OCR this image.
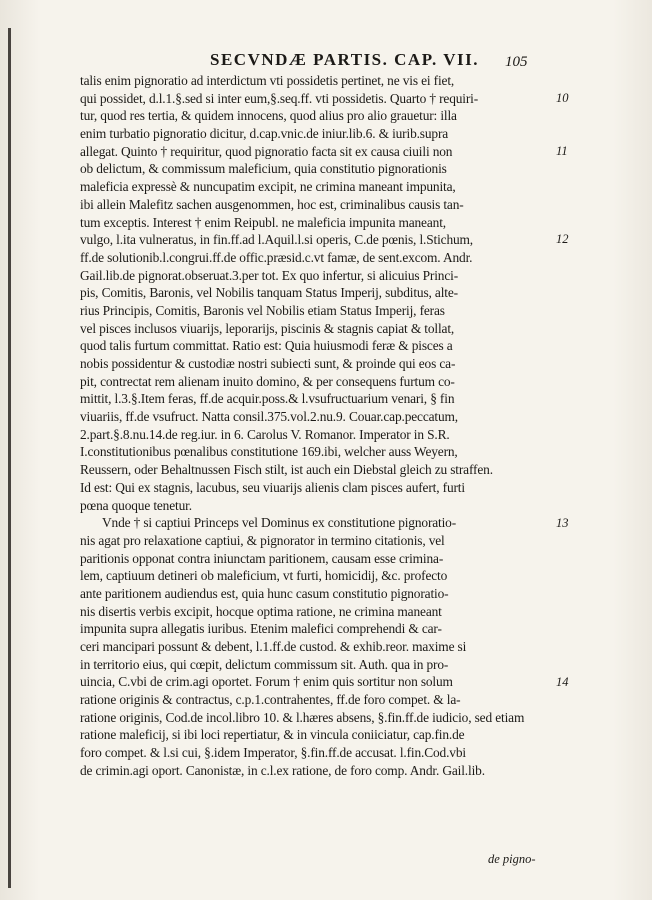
SECVNDÆ PARTIS. CAP. VII. 105
talis enim pignoratio ad interdictum vti possidetis pertinet, ne vis ei fiet,
qui possidet, d.l.1.§.sed si inter eum,§.seq.ff. vti possidetis. Quarto † requiri-
tur, quod res tertia, & quidem innocens, quod alius pro alio grauetur: illa
enim turbatio pignoratio dicitur, d.cap.vnic.de iniur.lib.6. & iurib.supra
allegat. Quinto † requiritur, quod pignoratio facta sit ex causa ciuili non
ob delictum, & commissum maleficium, quia constitutio pignorationis
maleficia expressè & nuncupatim excipit, ne crimina maneant impunita,
ibi allein Malefitz sachen ausgenommen, hoc est, criminalibus causis tan-
tum exceptis. Interest † enim Reipubl. ne maleficia impunita maneant,
vulgo, l.ita vulneratus, in fin.ff.ad l.Aquil.l.si operis, C.de pœnis, l.Stichum,
ff.de solutionib.l.congrui.ff.de offic.præsid.c.vt famæ, de sent.excom. Andr.
Gail.lib.de pignorat.obseruat.3.per tot. Ex quo infertur, si alicuius Princi-
pis, Comitis, Baronis, vel Nobilis tanquam Status Imperij, subditus, alte-
rius Principis, Comitis, Baronis vel Nobilis etiam Status Imperij, feras
vel pisces inclusos viuarijs, leporarijs, piscinis & stagnis capiat & tollat,
quod talis furtum committat. Ratio est: Quia huiusmodi feræ & pisces a
nobis possidentur & custodiæ nostri subiecti sunt, & proinde qui eos ca-
pit, contrectat rem alienam inuito domino, & per consequens furtum co-
mittit, l.3.§.Item feras, ff.de acquir.poss.& l.vsufructuarium venari, § fin
viuariis, ff.de vsufruct. Natta consil.375.vol.2.nu.9. Couar.cap.peccatum,
2.part.§.8.nu.14.de reg.iur. in 6. Carolus V. Romanor. Imperator in S.R.
I.constitutionibus pœnalibus constitutione 169.ibi, welcher auss Weyern,
Reussern, oder Behaltnussen Fisch stilt, ist auch ein Diebstal gleich zu straffen.
Id est: Qui ex stagnis, lacubus, seu viuarijs alienis clam pisces aufert, furti
pœna quoque tenetur.
Vnde † si captiui Princeps vel Dominus ex constitutione pignoratio-
nis agat pro relaxatione captiui, & pignorator in termino citationis, vel
paritionis opponat contra iniunctam paritionem, causam esse crimina-
lem, captiuum detineri ob maleficium, vt furti, homicidij, &c. profecto
ante paritionem audiendus est, quia hunc casum constitutio pignoratio-
nis disertis verbis excipit, hocque optima ratione, ne crimina maneant
impunita supra allegatis iuribus. Etenim malefici comprehendi & car-
ceri mancipari possunt & debent, l.1.ff.de custod. & exhib.reor. maxime si
in territorio eius, qui cœpit, delictum commissum sit. Auth. qua in pro-
uincia, C.vbi de crim.agi oportet. Forum † enim quis sortitur non solum
ratione originis & contractus, c.p.1.contrahentes, ff.de foro compet. & la-
ratione originis, Cod.de incol.libro 10. & l.hæres absens, §.fin.ff.de iudicio, sed etiam
ratione maleficij, si ibi loci repertiatur, & in vincula coniiciatur, cap.fin.de
foro compet. & l.si cui, §.idem Imperator, §.fin.ff.de accusat. l.fin.Cod.vbi
de crimin.agi oport. Canonistæ, in c.l.ex ratione, de foro comp. Andr. Gail.lib.
10
11
12
13
14
de pigno-
